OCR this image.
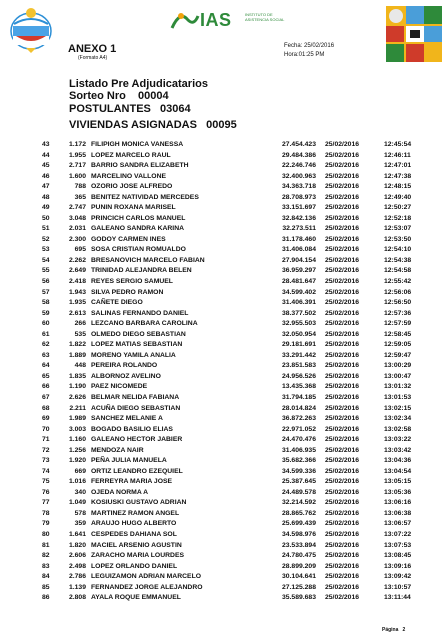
IAS	INSTITUTO DE ASISTENCIA SOCIAL
ANEXO 1
(Formato A4)
Fecha: 25/02/2016
Hora:01:25 PM
Listado Pre Adjudicatarios
Sorteo Nro    00004
POSTULANTES   03064
VIVIENDAS ASIGNADAS   00095
43	1.172 FILIPIGH MONICA VANESSA	27.454.423 25/02/2016	12:45:54
44	1.955 LOPEZ MARCELO RAUL	29.484.386 25/02/2016	12:46:11
45	2.717 BARRIO SANDRA ELIZABETH	22.246.746 25/02/2016	12:47:01
46	1.600 MARCELINO VALLONE	32.400.963 25/02/2016	12:47:38
47	788 OZORIO JOSE ALFREDO	34.363.718 25/02/2016	12:48:15
48	365 BENITEZ NATIVIDAD MERCEDES	28.708.973 25/02/2016	12:49:40
49	2.747 PUNIN ROXANA MARISEL	33.151.697 25/02/2016	12:50:27
50	3.048 PRINCICH CARLOS MANUEL	32.842.136 25/02/2016	12:52:18
51	2.031 GALEANO SANDRA KARINA	32.273.511 25/02/2016	12:53:07
52	2.300 GODOY CARMEN INES	31.178.460 25/02/2016	12:53:50
53	695 SOSA CRISTIAN ROMUALDO	31.406.084 25/02/2016	12:54:10
54	2.262 BRESANOVICH MARCELO FABIAN	27.904.154 25/02/2016	12:54:38
55	2.649 TRINIDAD ALEJANDRA BELEN	36.959.297 25/02/2016	12:54:58
56	2.418 REYES SERGIO SAMUEL	28.481.647 25/02/2016	12:55:42
57	1.943 SILVA PEDRO RAMON	34.599.402 25/02/2016	12:56:06
58	1.935 CAÑETE DIEGO	31.406.391 25/02/2016	12:56:50
59	2.613 SALINAS FERNANDO DANIEL	38.377.502 25/02/2016	12:57:36
60	266 LEZCANO BARBARA CAROLINA	32.955.503 25/02/2016	12:57:59
61	535 OLMEDO DIEGO SEBASTIAN	32.050.954 25/02/2016	12:58:45
62	1.822 LOPEZ MATIAS SEBASTIAN	29.181.691 25/02/2016	12:59:05
63	1.889 MORENO YAMILA ANALIA	33.291.442 25/02/2016	12:59:47
64	448 PEREIRA ROLANDO	23.851.583 25/02/2016	13:00:29
65	1.835 ALBORNOZ AVELINO	24.956.526 25/02/2016	13:00:47
66	1.190 PAEZ NICOMEDE	13.435.368 25/02/2016	13:01:32
67	2.626 BELMAR NELIDA FABIANA	31.794.185 25/02/2016	13:01:53
68	2.211 ACUÑA DIEGO SEBASTIAN	28.014.824 25/02/2016	13:02:15
69	1.989 SANCHEZ MELANIE A	36.872.263 25/02/2016	13:02:34
70	3.003 BOGADO BASILIO ELIAS	22.971.052 25/02/2016	13:02:58
71	1.160 GALEANO HECTOR JABIER	24.470.476 25/02/2016	13:03:22
72	1.256 MENDOZA NAIR	31.406.935 25/02/2016	13:03:42
73	1.920 PEÑA JULIA MANUELA	35.682.366 25/02/2016	13:04:36
74	669 ORTIZ LEANDRO EZEQUIEL	34.599.336 25/02/2016	13:04:54
75	1.016 FERREYRA MARIA JOSE	25.387.645 25/02/2016	13:05:15
76	340 OJEDA NORMA A	24.489.578 25/02/2016	13:05:36
77	1.049 KOSIUSKI GUSTAVO ADRIAN	32.214.592 25/02/2016	13:06:16
78	578 MARTINEZ RAMON ANGEL	28.865.762 25/02/2016	13:06:38
79	359 ARAUJO HUGO ALBERTO	25.699.439 25/02/2016	13:06:57
80	1.641 CESPEDES DAHIANA SOL	34.598.976 25/02/2016	13:07:22
81	1.820 MACIEL ARSENIO AGUSTIN	23.533.894 25/02/2016	13:07:53
82	2.606 ZARACHO MARIA LOURDES	24.780.475 25/02/2016	13:08:45
83	2.498 LOPEZ ORLANDO DANIEL	28.899.209 25/02/2016	13:09:16
84	2.786 LEGUIZAMON ADRIAN MARCELO	30.104.641 25/02/2016	13:09:42
85	1.139 FERNANDEZ JORGE ALEJANDRO	27.125.288 25/02/2016	13:10:57
86	2.808 AYALA ROQUE EMMANUEL	35.589.683 25/02/2016	13:11:44
Página   2
